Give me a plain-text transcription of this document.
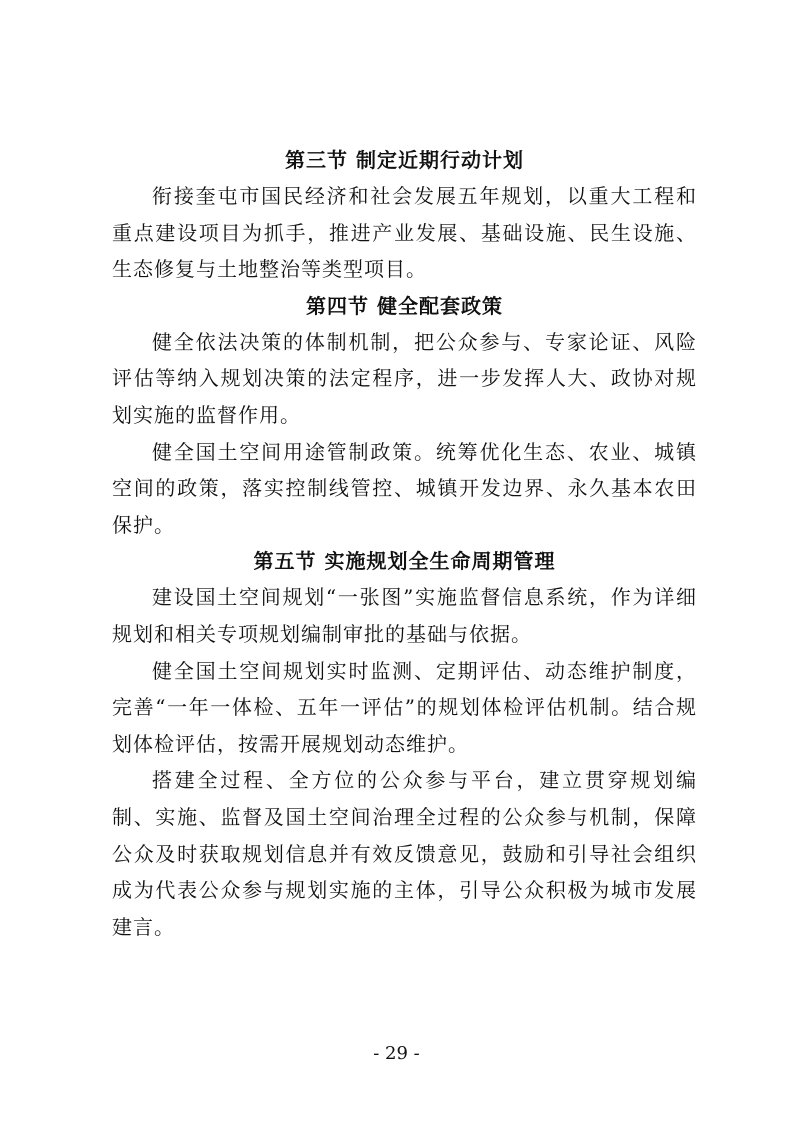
第三节 制定近期行动计划

衔接奎屯市国民经济和社会发展五年规划，以重大工程和重点建设项目为抓手，推进产业发展、基础设施、民生设施、生态修复与土地整治等类型项目。

第四节 健全配套政策

健全依法决策的体制机制，把公众参与、专家论证、风险评估等纳入规划决策的法定程序，进一步发挥人大、政协对规划实施的监督作用。

健全国土空间用途管制政策。统筹优化生态、农业、城镇空间的政策，落实控制线管控、城镇开发边界、永久基本农田保护。

第五节 实施规划全生命周期管理

建设国土空间规划“一张图”实施监督信息系统，作为详细规划和相关专项规划编制审批的基础与依据。

健全国土空间规划实时监测、定期评估、动态维护制度，完善“一年一体检、五年一评估”的规划体检评估机制。结合规划体检评估，按需开展规划动态维护。

搭建全过程、全方位的公众参与平台，建立贯穿规划编制、实施、监督及国土空间治理全过程的公众参与机制，保障公众及时获取规划信息并有效反馈意见，鼓励和引导社会组织成为代表公众参与规划实施的主体，引导公众积极为城市发展建言。

- 29 -
